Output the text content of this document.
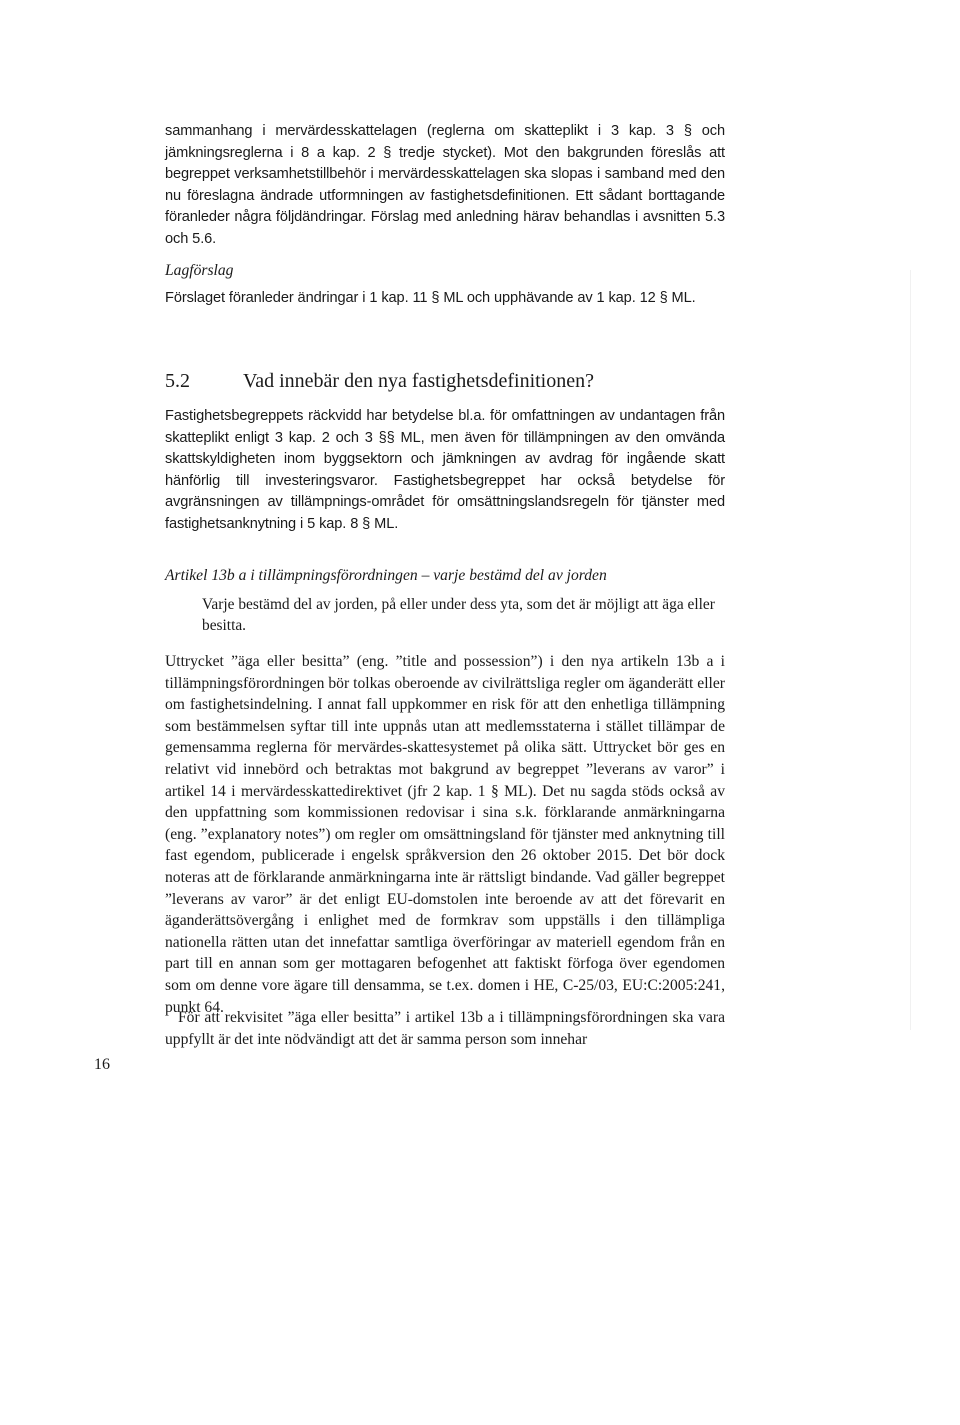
sammanhang i mervärdesskattelagen (reglerna om skatteplikt i 3 kap. 3 § och jämkningsreglerna i 8 a kap. 2 § tredje stycket). Mot den bakgrunden föreslås att begreppet verksamhetstillbehör i mervärdesskattelagen ska slopas i samband med den nu föreslagna ändrade utformningen av fastighetsdefinitionen. Ett sådant borttagande föranleder några följdändringar. Förslag med anledning härav behandlas i avsnitten 5.3 och 5.6.

Lagförslag

Förslaget föranleder ändringar i 1 kap. 11 § ML och upphävande av 1 kap. 12 § ML.

5.2	Vad innebär den nya fastighetsdefinitionen?

Fastighetsbegreppets räckvidd har betydelse bl.a. för omfattningen av undantagen från skatteplikt enligt 3 kap. 2 och 3 §§ ML, men även för tillämpningen av den omvända skattskyldigheten inom byggsektorn och jämkningen av avdrag för ingående skatt hänförlig till investeringsvaror. Fastighetsbegreppet har också betydelse för avgränsningen av tillämpnings-området för omsättningslandsregeln för tjänster med fastighetsanknytning i 5 kap. 8 § ML.

Artikel 13b a i tillämpningsförordningen – varje bestämd del av jorden

Varje bestämd del av jorden, på eller under dess yta, som det är möjligt att äga eller besitta.

Uttrycket ”äga eller besitta” (eng. ”title and possession”) i den nya artikeln 13b a i tillämpningsförordningen bör tolkas oberoende av civilrättsliga regler om äganderätt eller om fastighetsindelning. I annat fall uppkommer en risk för att den enhetliga tillämpning som bestämmelsen syftar till inte uppnås utan att medlemsstaterna i stället tillämpar de gemensamma reglerna för mervärdes-skattesystemet på olika sätt. Uttrycket bör ges en relativt vid innebörd och betraktas mot bakgrund av begreppet ”leverans av varor” i artikel 14 i mervärdesskattedirektivet (jfr 2 kap. 1 § ML). Det nu sagda stöds också av den uppfattning som kommissionen redovisar i sina s.k. förklarande anmärkningarna (eng. ”explanatory notes”) om regler om omsättningsland för tjänster med anknytning till fast egendom, publicerade i engelsk språkversion den 26 oktober 2015. Det bör dock noteras att de förklarande anmärkningarna inte är rättsligt bindande. Vad gäller begreppet ”leverans av varor” är det enligt EU-domstolen inte beroende av att det förevarit en äganderättsövergång i enlighet med de formkrav som uppställs i den tillämpliga nationella rätten utan det innefattar samtliga överföringar av materiell egendom från en part till en annan som ger mottagaren befogenhet att faktiskt förfoga över egendomen som om denne vore ägare till densamma, se t.ex. domen i HE, C-25/03, EU:C:2005:241, punkt 64.

För att rekvisitet ”äga eller besitta” i artikel 13b a i tillämpningsförordningen ska vara uppfyllt är det inte nödvändigt att det är samma person som innehar

16
